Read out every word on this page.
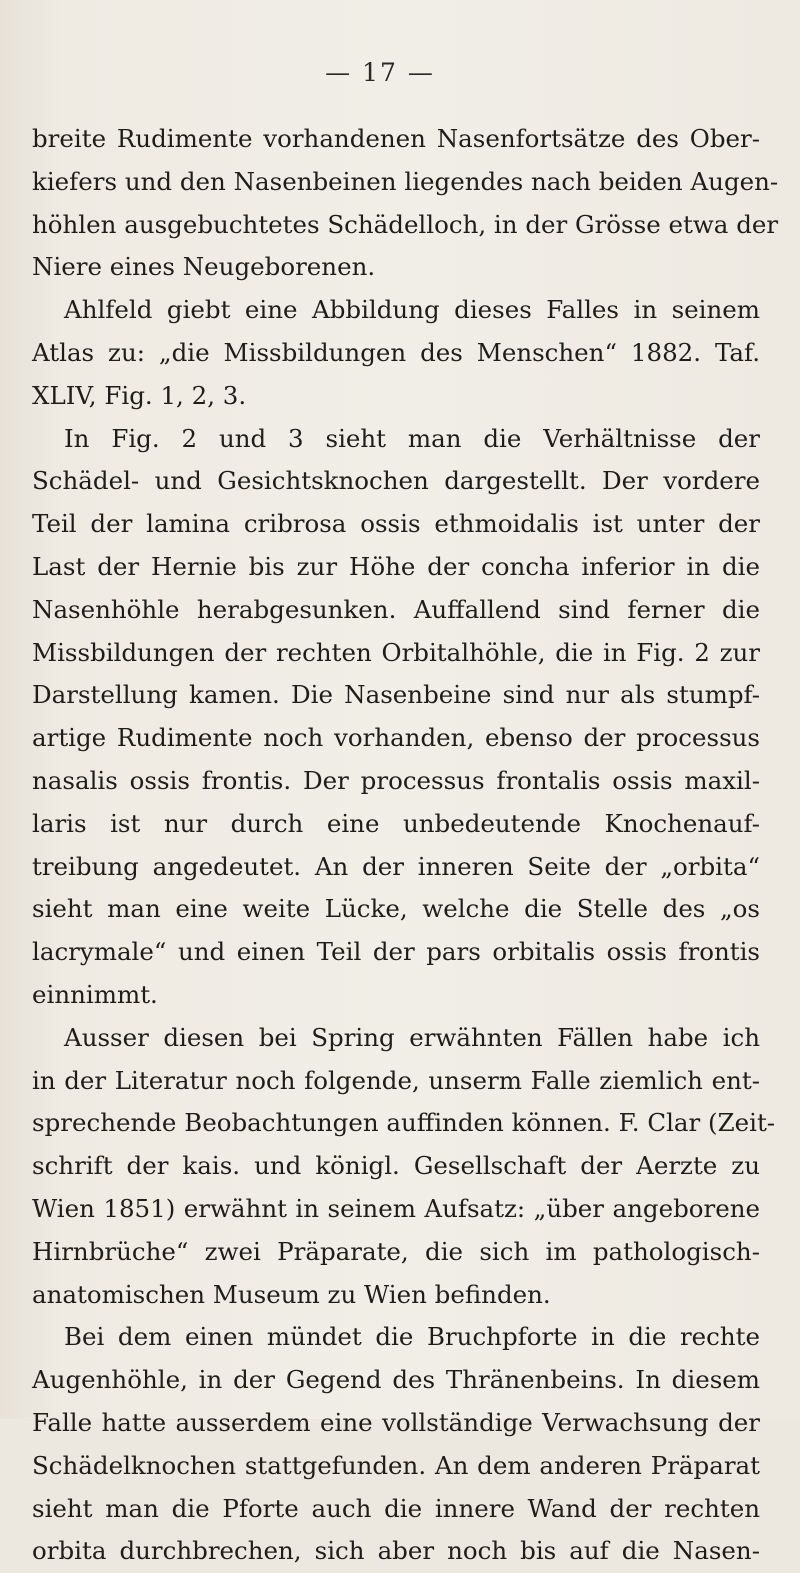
— 17 —
breite Rudimente vorhandenen Nasenfortsätze des Ober-
kiefers und den Nasenbeinen liegendes nach beiden Augen-
höhlen ausgebuchtetes Schädelloch, in der Grösse etwa der
Niere eines Neugeborenen.
Ahlfeld giebt eine Abbildung dieses Falles in seinem
Atlas zu: „die Missbildungen des Menschen“ 1882. Taf.
XLIV, Fig. 1, 2, 3.
In Fig. 2 und 3 sieht man die Verhältnisse der
Schädel- und Gesichtsknochen dargestellt. Der vordere
Teil der lamina cribrosa ossis ethmoidalis ist unter der
Last der Hernie bis zur Höhe der concha inferior in die
Nasenhöhle herabgesunken. Auffallend sind ferner die
Missbildungen der rechten Orbitalhöhle, die in Fig. 2 zur
Darstellung kamen. Die Nasenbeine sind nur als stumpf-
artige Rudimente noch vorhanden, ebenso der processus
nasalis ossis frontis. Der processus frontalis ossis maxil-
laris ist nur durch eine unbedeutende Knochenauf-
treibung angedeutet. An der inneren Seite der „orbita“
sieht man eine weite Lücke, welche die Stelle des „os
lacrymale“ und einen Teil der pars orbitalis ossis frontis
einnimmt.
Ausser diesen bei Spring erwähnten Fällen habe ich
in der Literatur noch folgende, unserm Falle ziemlich ent-
sprechende Beobachtungen auffinden können. F. Clar (Zeit-
schrift der kais. und königl. Gesellschaft der Aerzte zu
Wien 1851) erwähnt in seinem Aufsatz: „über angeborene
Hirnbrüche“ zwei Präparate, die sich im pathologisch-
anatomischen Museum zu Wien befinden.
Bei dem einen mündet die Bruchpforte in die rechte
Augenhöhle, in der Gegend des Thränenbeins. In diesem
Falle hatte ausserdem eine vollständige Verwachsung der
Schädelknochen stattgefunden. An dem anderen Präparat
sieht man die Pforte auch die innere Wand der rechten
orbita durchbrechen, sich aber noch bis auf die Nasen-
